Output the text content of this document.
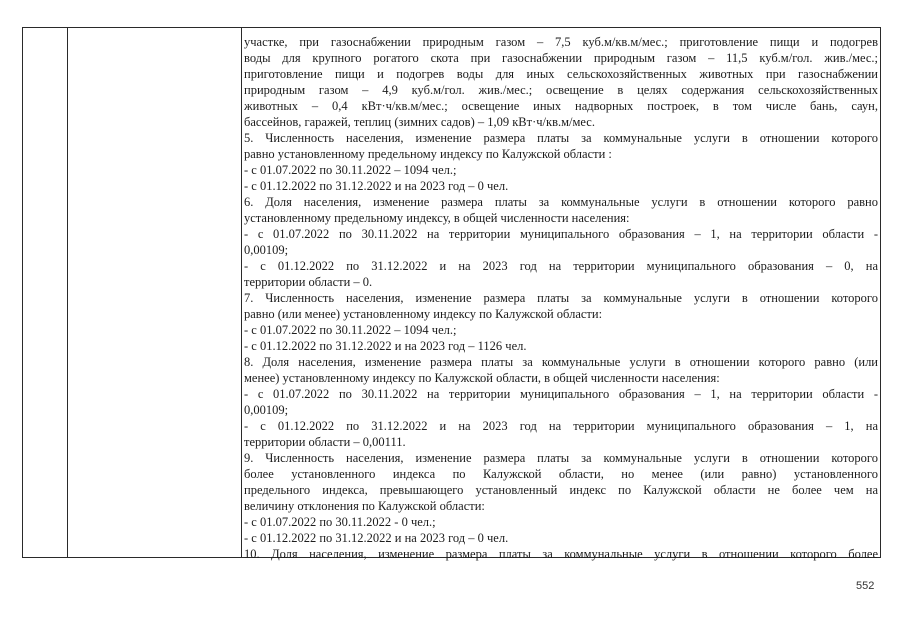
участке, при газоснабжении природным газом – 7,5 куб.м/кв.м/мес.; приготовление пищи и подогрев
воды для крупного рогатого скота при газоснабжении природным газом – 11,5 куб.м/гол. жив./мес.;
приготовление пищи и подогрев воды для иных сельскохозяйственных животных при газоснабжении
природным газом – 4,9 куб.м/гол. жив./мес.; освещение в целях содержания сельскохозяйственных
животных – 0,4 кВт·ч/кв.м/мес.; освещение иных надворных построек, в том числе бань, саун,
бассейнов, гаражей, теплиц (зимних садов) – 1,09 кВт·ч/кв.м/мес.
5. Численность населения, изменение размера платы за коммунальные услуги в отношении которого
равно установленному предельному индексу по Калужской области :
- с 01.07.2022 по 30.11.2022 – 1094 чел.;
- с 01.12.2022 по 31.12.2022 и на 2023 год – 0 чел.
6. Доля населения, изменение размера платы за коммунальные услуги в отношении которого равно
установленному предельному индексу, в общей численности населения:
- с 01.07.2022 по 30.11.2022 на территории муниципального образования – 1, на территории области -
0,00109;
- с 01.12.2022 по 31.12.2022 и на 2023 год на территории муниципального образования – 0, на
территории области – 0.
7. Численность населения, изменение размера платы за коммунальные услуги в отношении которого
равно (или менее) установленному индексу по Калужской области:
- с 01.07.2022 по 30.11.2022 – 1094 чел.;
- с 01.12.2022 по 31.12.2022 и на 2023 год – 1126 чел.
8. Доля населения, изменение размера платы за коммунальные услуги в отношении которого равно (или
менее) установленному индексу по Калужской области, в общей численности населения:
- с 01.07.2022 по 30.11.2022 на территории муниципального образования – 1, на территории области -
0,00109;
- с 01.12.2022 по 31.12.2022 и на 2023 год на территории муниципального образования – 1, на
территории области – 0,00111.
9. Численность населения, изменение размера платы за коммунальные услуги в отношении которого
более установленного индекса по Калужской области, но менее (или равно) установленного
предельного индекса, превышающего установленный индекс по Калужской области не более чем на
величину отклонения по Калужской области:
- с 01.07.2022 по 30.11.2022 - 0 чел.;
- с 01.12.2022 по 31.12.2022 и на 2023 год – 0 чел.
10. Доля населения, изменение размера платы за коммунальные услуги в отношении которого более
552
